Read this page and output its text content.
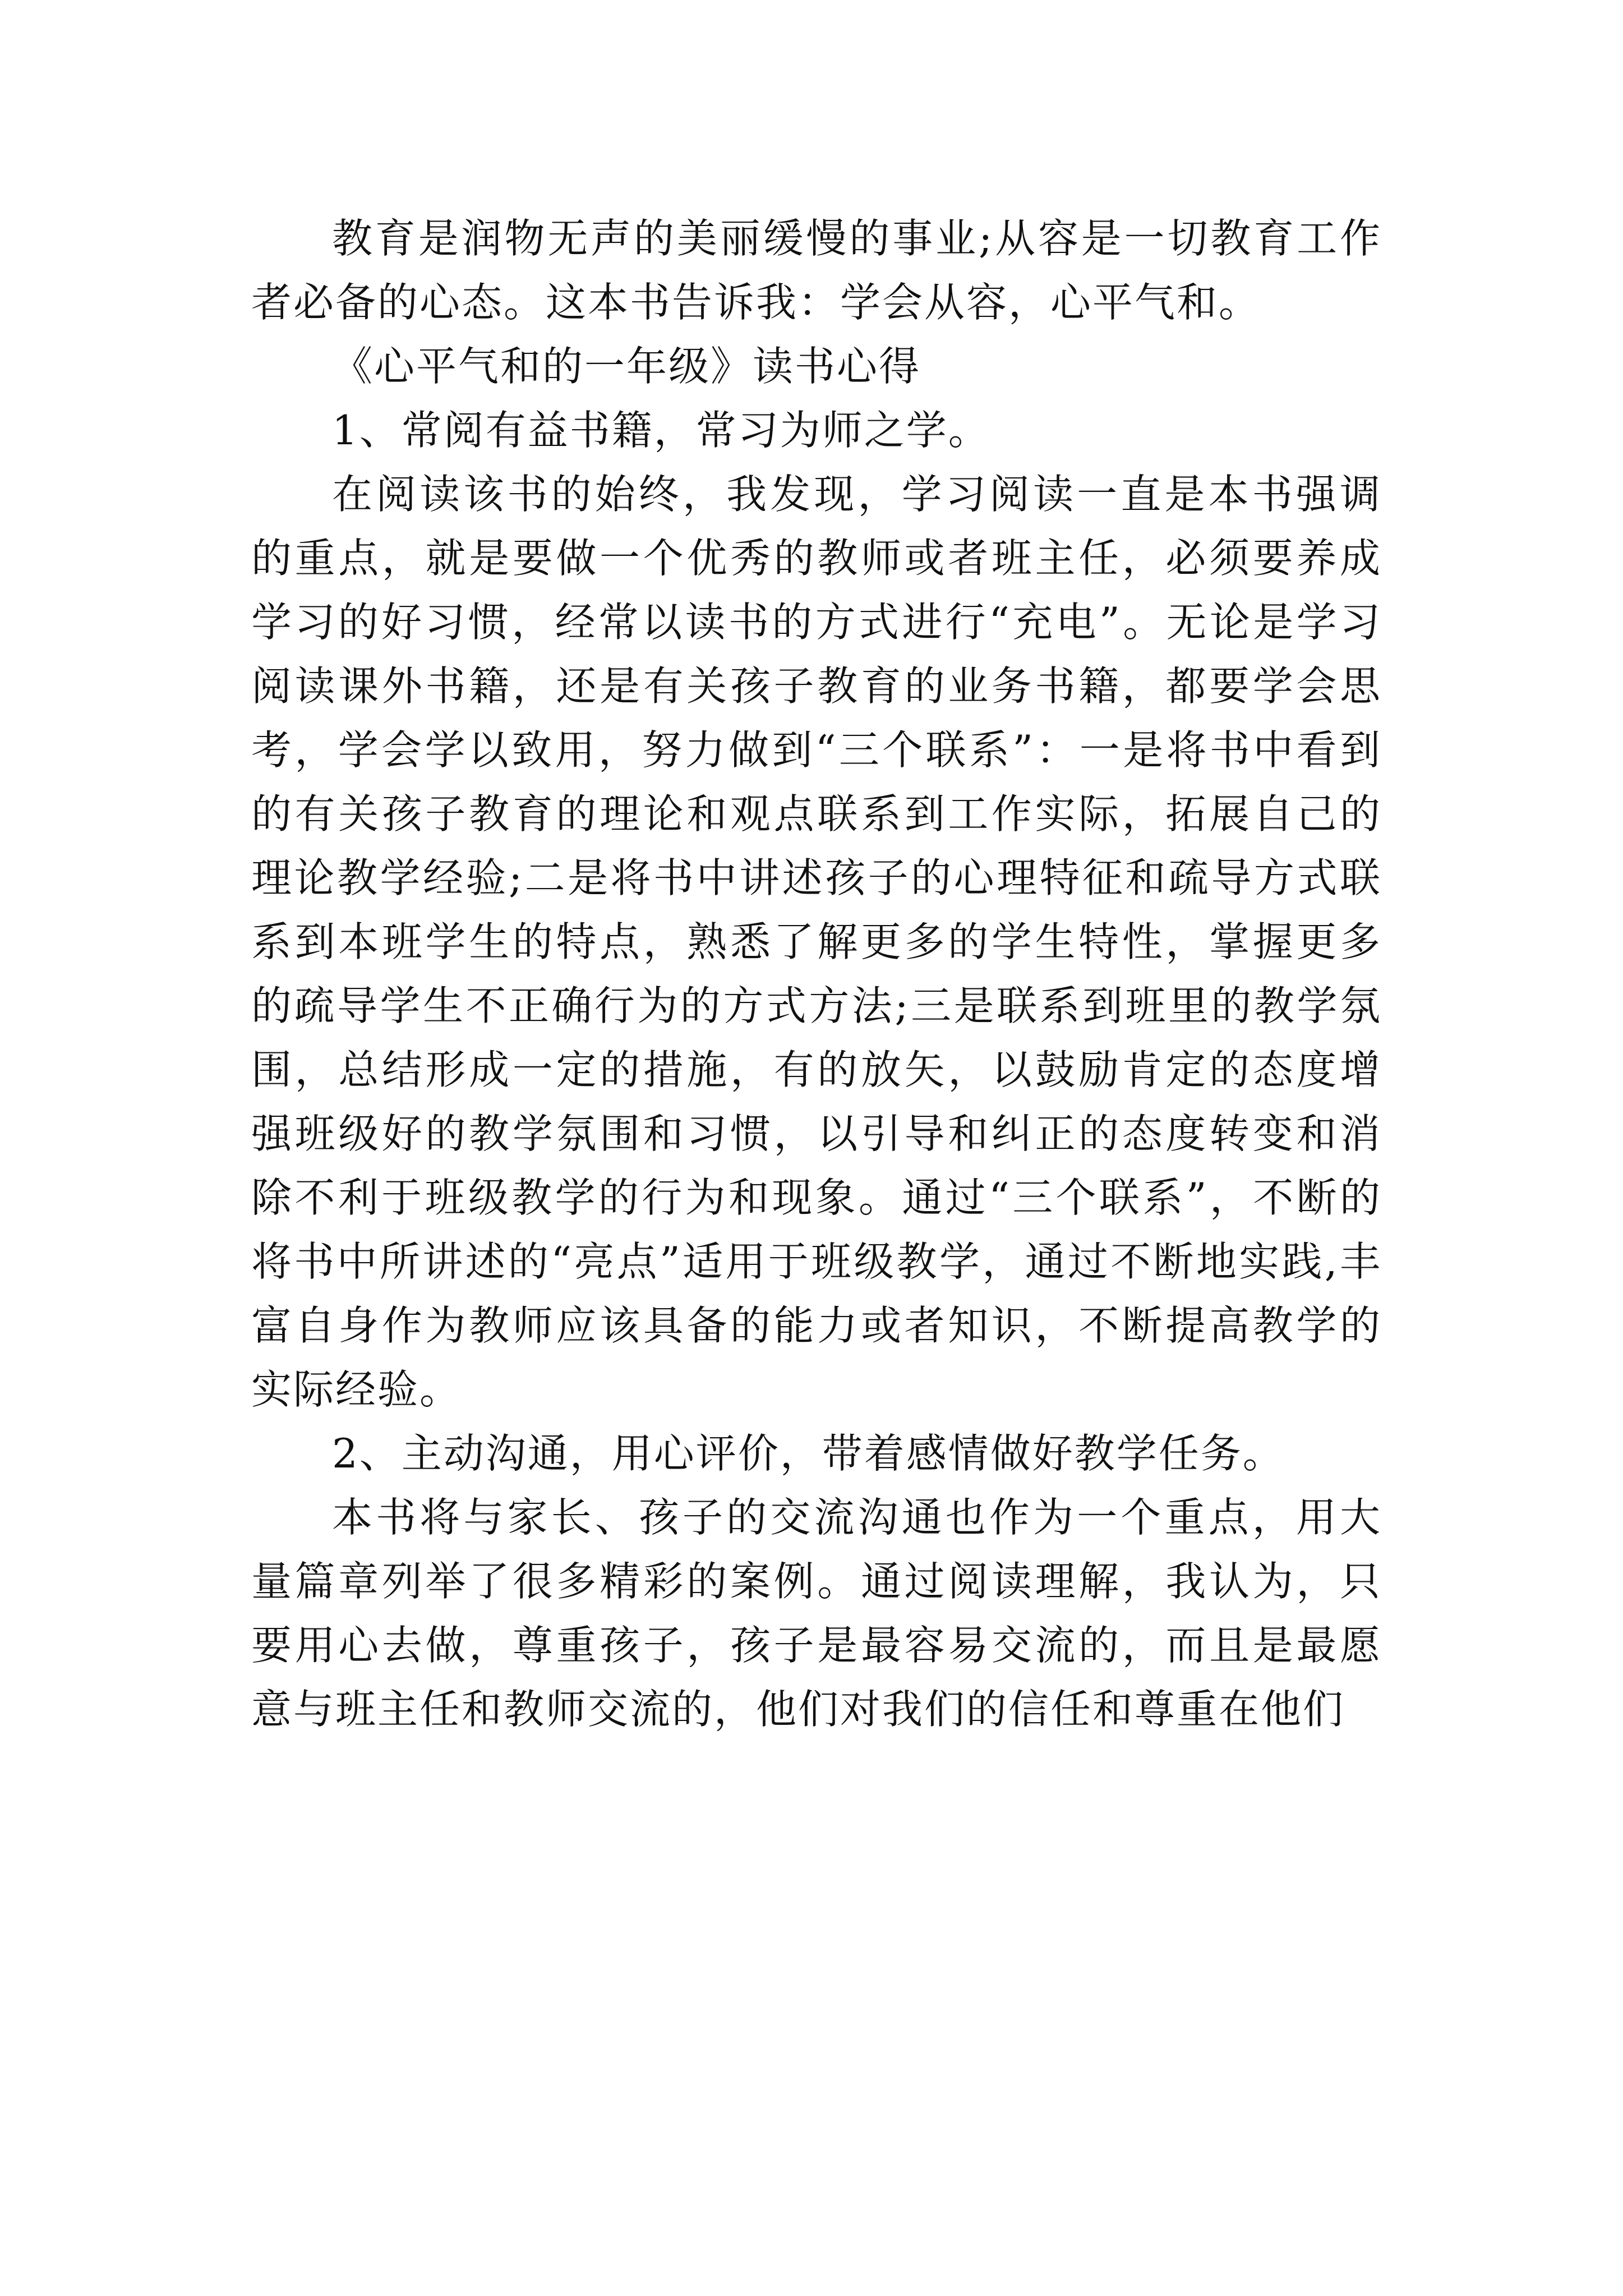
教育是润物无声的美丽缓慢的事业;从容是一切教育工作者必备的心态。这本书告诉我：学会从容，心平气和。

《心平气和的一年级》读书心得

1、常阅有益书籍，常习为师之学。

在阅读该书的始终，我发现，学习阅读一直是本书强调的重点，就是要做一个优秀的教师或者班主任，必须要养成学习的好习惯，经常以读书的方式进行“充电”。无论是学习阅读课外书籍，还是有关孩子教育的业务书籍，都要学会思考，学会学以致用，努力做到“三个联系”：一是将书中看到的有关孩子教育的理论和观点联系到工作实际，拓展自己的理论教学经验;二是将书中讲述孩子的心理特征和疏导方式联系到本班学生的特点，熟悉了解更多的学生特性，掌握更多的疏导学生不正确行为的方式方法;三是联系到班里的教学氛围，总结形成一定的措施，有的放矢，以鼓励肯定的态度增强班级好的教学氛围和习惯，以引导和纠正的态度转变和消除不利于班级教学的行为和现象。通过“三个联系”，不断的将书中所讲述的“亮点”适用于班级教学，通过不断地实践,丰富自身作为教师应该具备的能力或者知识，不断提高教学的实际经验。

2、主动沟通，用心评价，带着感情做好教学任务。

本书将与家长、孩子的交流沟通也作为一个重点，用大量篇章列举了很多精彩的案例。通过阅读理解，我认为，只要用心去做，尊重孩子，孩子是最容易交流的，而且是最愿意与班主任和教师交流的，他们对我们的信任和尊重在他们
